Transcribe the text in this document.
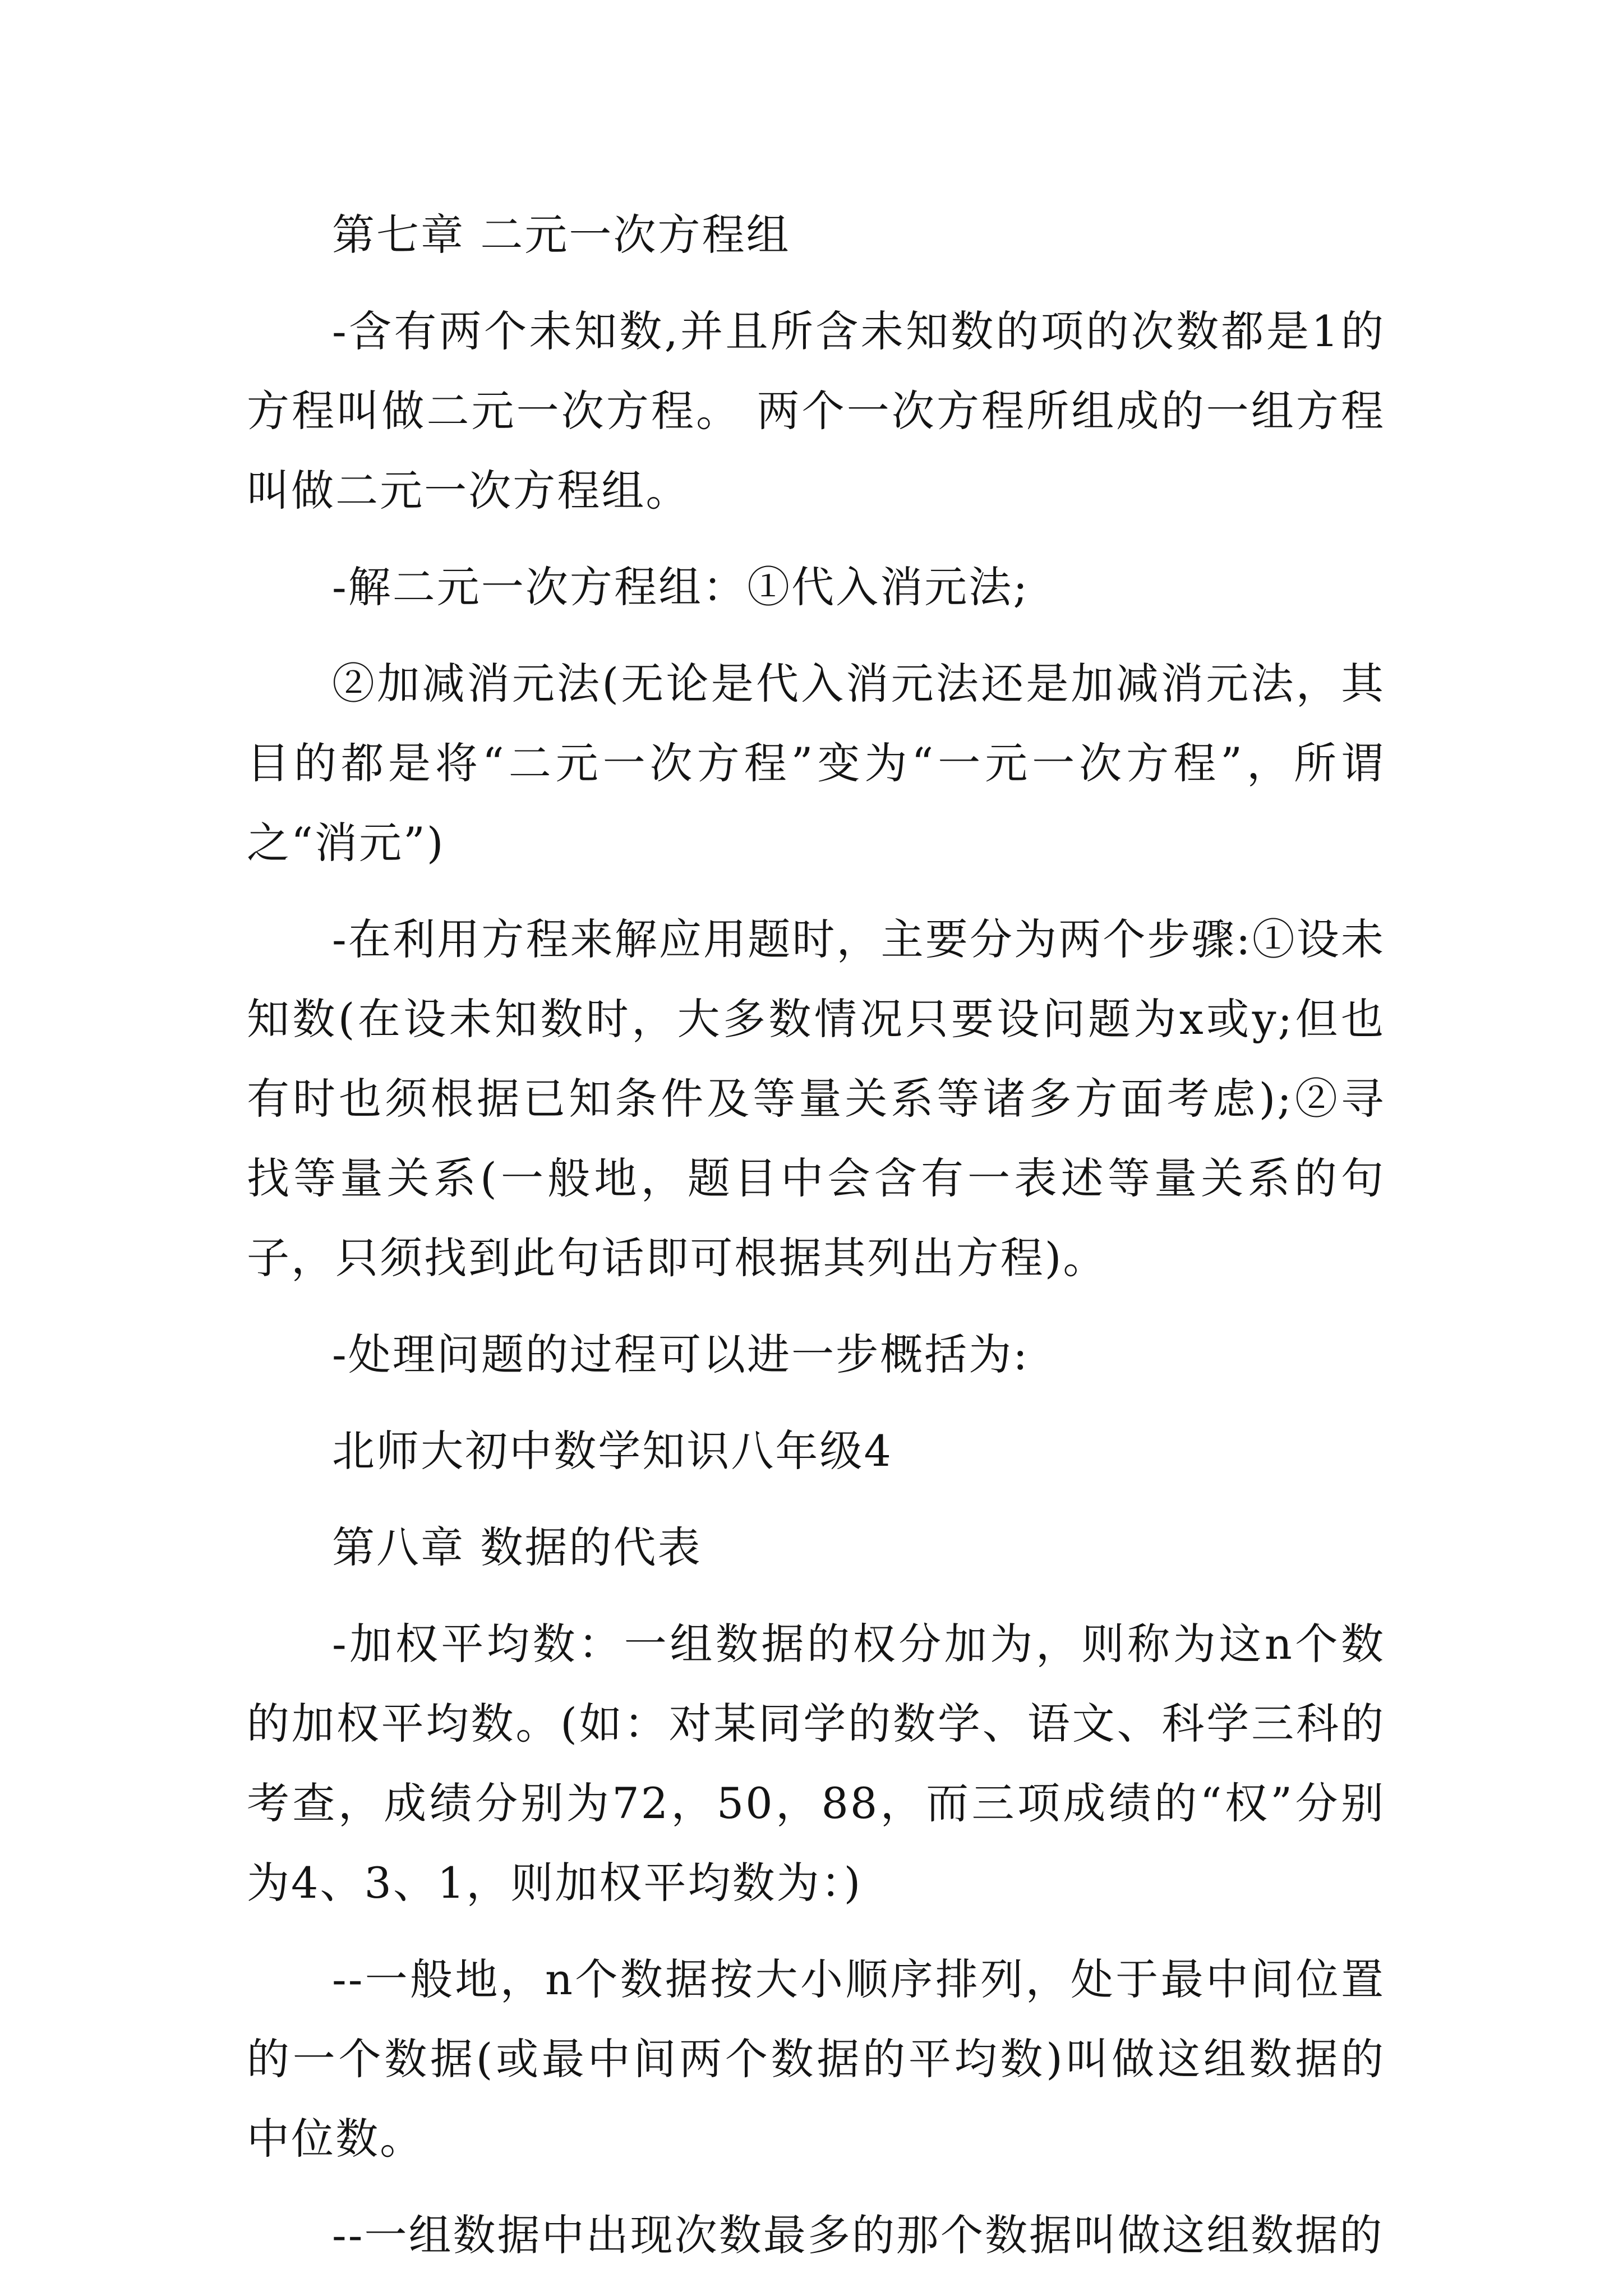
第七章 二元一次方程组

-含有两个未知数,并且所含未知数的项的次数都是1的方程叫做二元一次方程。 两个一次方程所组成的一组方程叫做二元一次方程组。

-解二元一次方程组：①代入消元法;

②加减消元法(无论是代入消元法还是加减消元法，其目的都是将“二元一次方程”变为“一元一次方程”，所谓之“消元”)

-在利用方程来解应用题时，主要分为两个步骤:①设未知数(在设未知数时，大多数情况只要设问题为x或y;但也有时也须根据已知条件及等量关系等诸多方面考虑);②寻找等量关系(一般地，题目中会含有一表述等量关系的句子，只须找到此句话即可根据其列出方程)。

-处理问题的过程可以进一步概括为:

北师大初中数学知识八年级4

第八章 数据的代表

-加权平均数：一组数据的权分加为，则称为这n个数的加权平均数。(如：对某同学的数学、语文、科学三科的考查，成绩分别为72，50，88，而三项成绩的“权”分别为4、3、1，则加权平均数为：)

--一般地，n个数据按大小顺序排列，处于最中间位置的一个数据(或最中间两个数据的平均数)叫做这组数据的中位数。

--一组数据中出现次数最多的那个数据叫做这组数据的
